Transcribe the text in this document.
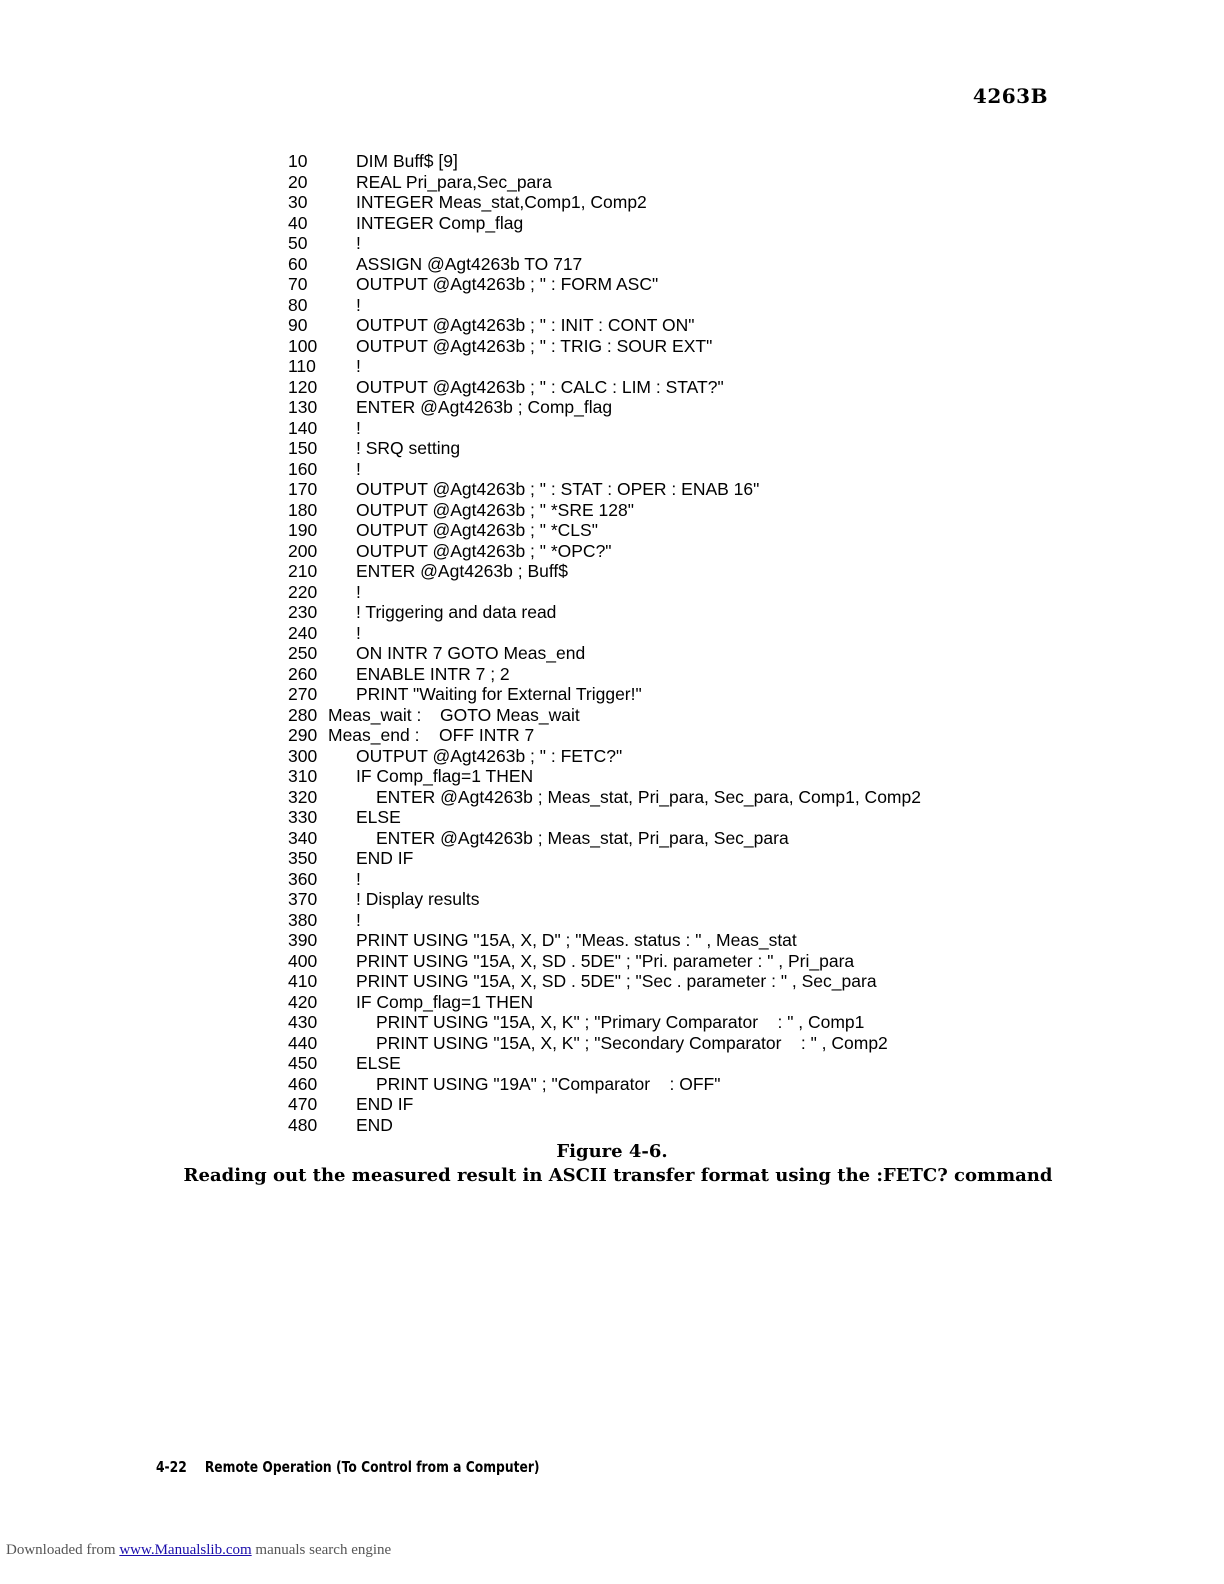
4263B
10	DIM Buff$ [9]
20	REAL Pri_para,Sec_para
30	INTEGER Meas_stat,Comp1, Comp2
40	INTEGER Comp_flag
50	!
60	ASSIGN @Agt4263b TO 717
70	OUTPUT @Agt4263b ; " : FORM ASC"
80	!
90	OUTPUT @Agt4263b ; " : INIT : CONT ON"
100 OUTPUT @Agt4263b ; " : TRIG : SOUR EXT"
110 !
120 OUTPUT @Agt4263b ; " : CALC : LIM : STAT?"
130 ENTER @Agt4263b ; Comp_flag
140 !
150 ! SRQ setting
160 !
170 OUTPUT @Agt4263b ; " : STAT : OPER : ENAB 16"
180 OUTPUT @Agt4263b ; " *SRE 128"
190 OUTPUT @Agt4263b ; " *CLS"
200 OUTPUT @Agt4263b ; " *OPC?"
210 ENTER @Agt4263b ; Buff$
220 !
230 ! Triggering and data read
240 !
250 ON INTR 7 GOTO Meas_end
260 ENABLE INTR 7 ; 2
270 PRINT "Waiting for External Trigger!"
280 Meas_wait : GOTO Meas_wait
290 Meas_end : OFF INTR 7
300 OUTPUT @Agt4263b ; " : FETC?"
310 IF Comp_flag=1 THEN
320	ENTER @Agt4263b ; Meas_stat, Pri_para, Sec_para, Comp1, Comp2
330 ELSE
340	ENTER @Agt4263b ; Meas_stat, Pri_para, Sec_para
350 END IF
360 !
370 ! Display results
380 !
390 PRINT USING "15A, X, D" ; "Meas. status : " , Meas_stat
400 PRINT USING "15A, X, SD . 5DE" ; "Pri. parameter : " , Pri_para
410 PRINT USING "15A, X, SD . 5DE" ; "Sec . parameter : " , Sec_para
420 IF Comp_flag=1 THEN
430	PRINT USING "15A, X, K" ; "Primary Comparator    : " , Comp1
440	PRINT USING "15A, X, K" ; "Secondary Comparator    : " , Comp2
450 ELSE
460	PRINT USING "19A" ; "Comparator    : OFF"
470 END IF
480 END
Figure 4-6.
Reading out the measured result in ASCII transfer format using the :FETC? command
4-22 Remote Operation (To Control from a Computer)
Downloaded from www.Manualslib.com manuals search engine
